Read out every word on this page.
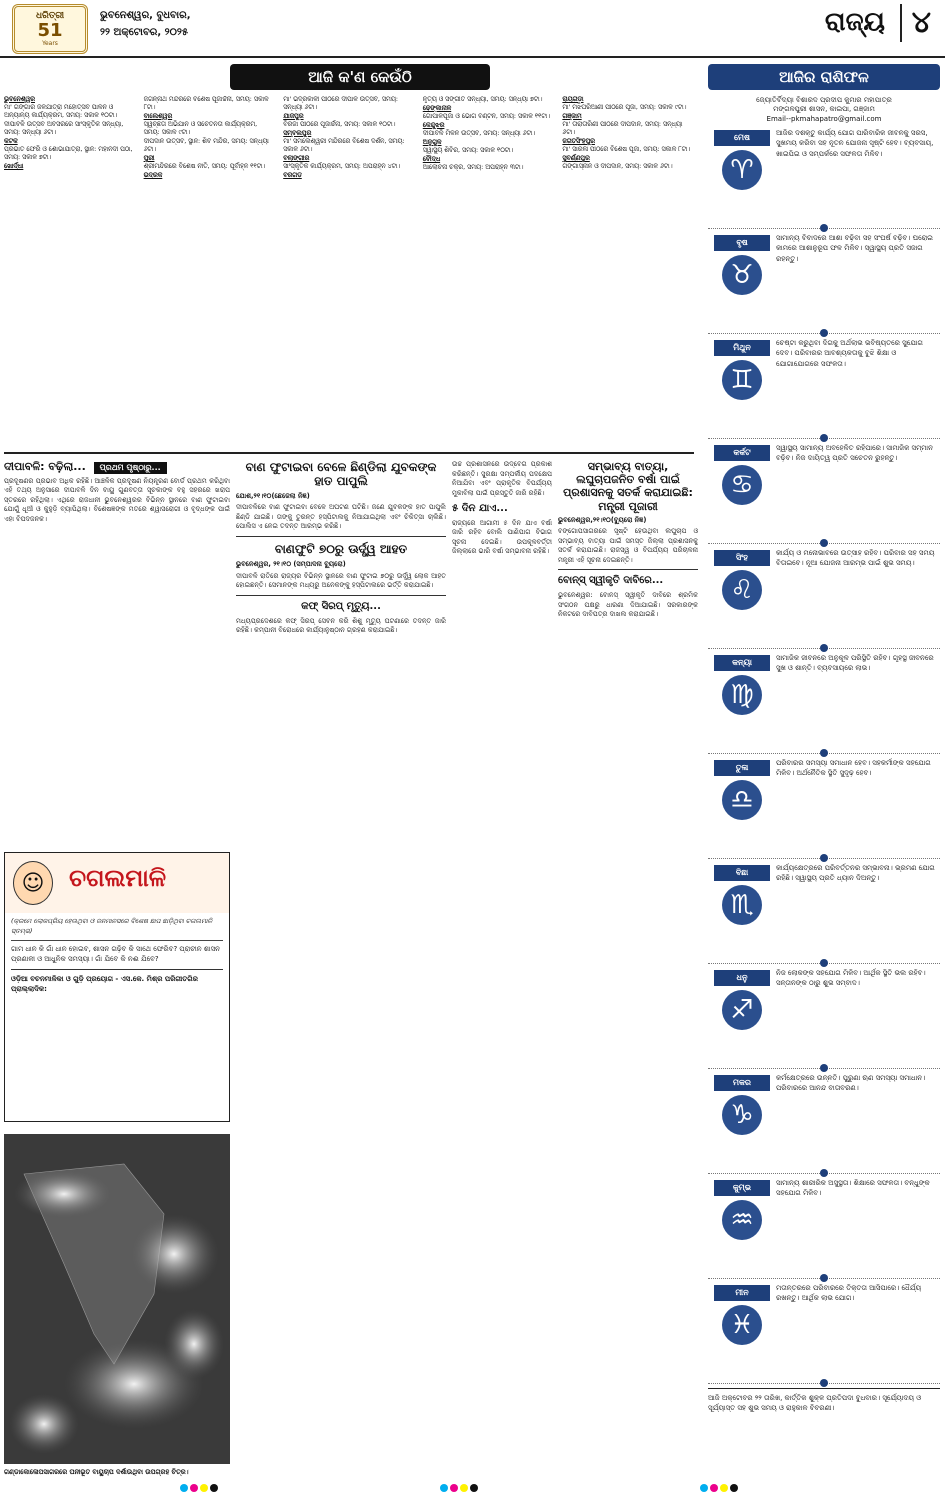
ଧରିତ୍ରୀ
51
Years
ଭୁବନେଶ୍ୱର, ବୁଧବାର,
୨୨ ଅକ୍ଟୋବର, ୨୦୨୫	ରାଜ୍ୟ ୪
ଆଜି କ'ଣ କେଉଁଠି
ଭୁବନେଶ୍ୱର
ମା' ଗଙ୍ଗାର ଜଳଯାତ୍ରା ମହୋତ୍ସବ ପାଳନ ଓ ଅନ୍ୟାନ୍ୟ କାର୍ଯ୍ୟକ୍ରମ, ସମୟ: ସକାଳ ୧୦ଟା।
ଦୀପାବଳି ଉତ୍ସବ ଅବସରରେ ସାଂସ୍କୃତିକ ସନ୍ଧ୍ୟା, ସମୟ: ସନ୍ଧ୍ୟା ୬ଟା।
କଟକ
ପ୍ରଭାତ ଫେରି ଓ ଶୋଭାଯାତ୍ରା, ସ୍ଥାନ: ମହାନଦୀ ପଠା, ସମୟ: ସକାଳ ୭ଟା।
ଖୋର୍ଦ୍ଧା
ଜଗନ୍ନାଥ ମନ୍ଦିରରେ ବିଶେଷ ପୂଜାର୍ଚ୍ଚନା, ସମୟ: ସକାଳ ୮ଟା।
ବାଲେଶ୍ୱର
ସ୍ୱଚ୍ଛତା ଅଭିଯାନ ଓ ସଚେତନତା କାର୍ଯ୍ୟକ୍ରମ, ସମୟ: ସକାଳ ୯ଟା।
ଦୀପଦାନ ଉତ୍ସବ, ସ୍ଥାନ: ଶିବ ମନ୍ଦିର, ସମୟ: ସନ୍ଧ୍ୟା ୬ଟା।
ପୁରୀ
ଶ୍ରୀମନ୍ଦିରରେ ବିଶେଷ ନୀତି, ସମୟ: ପୂର୍ବାହ୍ନ ୧୧ଟା।
ଭଦ୍ରକ
ମା' ଭଦ୍ରକାଳୀ ପୀଠରେ ଦୀପାଳି ଉତ୍ସବ, ସମୟ: ସନ୍ଧ୍ୟା ୬ଟା।
ଯାଜପୁର
ବିରଜା ପୀଠରେ ପୂଜାର୍ଚ୍ଚନା, ସମୟ: ସକାଳ ୧୦ଟା।
ସମ୍ବଲପୁର
ମା' ସମଲେଶ୍ୱରୀ ମନ୍ଦିରରେ ବିଶେଷ ଦର୍ଶନ, ସମୟ: ସକାଳ ୬ଟା।
ବଲାଙ୍ଗୀର
ସାଂସ୍କୃତିକ କାର୍ଯ୍ୟକ୍ରମ, ସମୟ: ଅପରାହ୍ନ ୪ଟା।
ବରଗଡ଼
ନୃତ୍ୟ ଓ ସଙ୍ଗୀତ ସନ୍ଧ୍ୟା, ସମୟ: ସନ୍ଧ୍ୟା ୭ଟା।
ଢେଙ୍କାନାଳ
ଗୋପାଳପୂଜା ଓ ଭୋଗ ବଣ୍ଟନ, ସମୟ: ସକାଳ ୧୧ଟା।
କେନ୍ଦୁଝର
ଦୀପାବଳି ମିଳନ ଉତ୍ସବ, ସମୟ: ସନ୍ଧ୍ୟା ୬ଟା।
ଅନୁଗୁଳ
ସ୍ୱାସ୍ଥ୍ୟ ଶିବିର, ସମୟ: ସକାଳ ୧୦ଟା।
ବୌଦ୍ଧ
ଆଲୋଚନା ଚକ୍ର, ସମୟ: ଅପରାହ୍ନ ୩ଟା।
ରାୟଗଡ଼ା
ମା' ମଝିଘରିଆଣୀ ପୀଠରେ ପୂଜା, ସମୟ: ସକାଳ ୯ଟା।
ଗଞ୍ଜାମ
ମା' ତାରାତାରିଣୀ ପୀଠରେ ଦୀପଦାନ, ସମୟ: ସନ୍ଧ୍ୟା ୬ଟା।
ଜଗତସିଂହପୁର
ମା' ସାରଳା ପୀଠରେ ବିଶେଷ ପୂଜା, ସମୟ: ସକାଳ ୮ଟା।
ସୁବର୍ଣ୍ଣପୁର
ଗଙ୍ଗାସ୍ନାନ ଓ ଦୀପଦାନ, ସମୟ: ସକାଳ ୬ଟା।
ଆଜିର ରାଶିଫଳ
ଜ୍ୟୋତିର୍ବିଦ୍ୟା ବିଶାରଦ ପ୍ରଦୀପ କୁମାର ମହାପାତ୍ର
ମଙ୍ଗଳପୁରୀ ଶାସନ, କାଇପା, ଗଞ୍ଜାମ
Email--pkmahapatro@gmail.com
ମେଷ
♈
ଆଜିର ଦଶକ୍ତୁ କାର୍ଯ୍ୟ ଯୋଗ ପାରିବାରିକ ଜୀବନକୁ ସରସ, ସୁଖମୟ କରିବା ସହ ନୂତନ ଯୋଜନା ସୃଷ୍ଟି ହେବ। ବ୍ୟବସାୟ, ଖାଇପିଇ ଓ ସମ୍ପର୍କରେ ସଫଳତା ମିଳିବ।
ବୃଷ
♉
ସାମାନ୍ୟ ବିବାଦରେ ଆଶା ବଢ଼ିବା ସହ ସଂଘର୍ଷ ବଢ଼ିବ। ଘରୋଇ କାମରେ ଆଶାନୁରୂପ ଫଳ ମିଳିବ। ସ୍ୱାସ୍ଥ୍ୟ ପ୍ରତି ସଜାଗ ରହନ୍ତୁ।
ମିଥୁନ
♊
ଚେଷ୍ଟା କରୁଥିବା ଦିଗକୁ ଅର୍ଥଲାଭ ଭବିଷ୍ୟତରେ ସୁଯୋଗ ଦେବ। ପରିବାରର ଆବଶ୍ୟକତାକୁ ବୁଝି ଶିକ୍ଷା ଓ ଯୋଗାଯୋଗରେ ସଫଳତା।
କର୍କଟ
♋
ସ୍ୱାସ୍ଥ୍ୟ ସାମାନ୍ୟ ଅବହେଳିତ ରହିପାରେ। ସାମାଜିକ ସମ୍ମାନ ବଢ଼ିବ। ନିଜ ଦାୟିତ୍ୱ ପ୍ରତି ସଚେତନ ରୁହନ୍ତୁ।
ସିଂହ
♌
କାର୍ଯ୍ୟ ଓ ମନୋଭାବରେ ଉତ୍ସାହ ରହିବ। ପରିବାର ସହ ସମୟ ବିତାଇବେ। ନୂଆ ଯୋଜନା ଆରମ୍ଭ ପାଇଁ ଶୁଭ ସମୟ।
କନ୍ୟା
♍
ସାମାଜିକ ଜୀବନରେ ଅନୁକୂଳ ପରିସ୍ଥିତି ରହିବ। ଗୃହସ୍ଥ ଜୀବନରେ ସୁଖ ଓ ଶାନ୍ତି। ବ୍ୟବସାୟରେ ଲାଭ।
ତୁଳା
♎
ପରିବାରର ସମସ୍ୟା ସମାଧାନ ହେବ। ସହକର୍ମୀଙ୍କ ସହଯୋଗ ମିଳିବ। ଅର୍ଥନୈତିକ ସ୍ଥିତି ସୁଦୃଢ଼ ହେବ।
ବିଛା
♏
କାର୍ଯ୍ୟକ୍ଷେତ୍ରରେ ପରିବର୍ତ୍ତନର ସମ୍ଭାବନା। ଭ୍ରମଣ ଯୋଗ ରହିଛି। ସ୍ୱାସ୍ଥ୍ୟ ପ୍ରତି ଧ୍ୟାନ ଦିଅନ୍ତୁ।
ଧନୁ
♐
ନିଜ ଲୋକଙ୍କ ସହଯୋଗ ମିଳିବ। ଆର୍ଥିକ ସ୍ଥିତି ଭଲ ରହିବ। ସନ୍ତାନଙ୍କ ଠାରୁ ଶୁଭ ସମ୍ବାଦ।
ମକର
♑
କର୍ମକ୍ଷେତ୍ରରେ ଉନ୍ନତି। ପୁରୁଣା ଋଣ ସମସ୍ୟା ସମାଧାନ। ପରିବାରରେ ଆନନ୍ଦ ବାତାବରଣ।
କୁମ୍ଭ
♒
ସାମାନ୍ୟ ଶାରୀରିକ ଅସୁସ୍ଥତା। ଶିକ୍ଷାରେ ସଫଳତା। ବନ୍ଧୁଙ୍କ ସହଯୋଗ ମିଳିବ।
ମୀନ
♓
ମତାନ୍ତରରେ ପରିବାରରେ ତିକ୍ତତା ଆସିପାରେ। ଧୈର୍ଯ୍ୟ ରଖନ୍ତୁ। ଆର୍ଥିକ ଲାଭ ଯୋଗ।
ଆଜି ଅକ୍ଟୋବର ୨୨ ତାରିଖ, କାର୍ତ୍ତିକ ଶୁକ୍ଳ ପ୍ରତିପଦା ବୁଧବାର। ସୂର୍ଯ୍ୟୋଦୟ ଓ ସୂର୍ଯ୍ୟାସ୍ତ ସହ ଶୁଭ ସମୟ ଓ ରାହୁକାଳ ବିବରଣୀ।
ଦୀପାବଳି: ବଢ଼ିଲା... ପ୍ରଥମ ପୃଷ୍ଠାରୁ...
ପ୍ରଦୂଷଣର ପ୍ରଭାବ ଅଧିକ ରହିଛି। ଆଞ୍ଚଳିକ ପ୍ରଦୂଷଣ ନିୟନ୍ତ୍ରଣ ବୋର୍ଡ ପ୍ରଥମ କରିଥିବା ଏହି ତଥ୍ୟ ଅନୁସାରେ ଦୀପାବଳି ଦିନ ବାୟୁ ଗୁଣବତ୍ତା ସୂଚକାଙ୍କ ବହୁ ସହରରେ ଖରାପ ସ୍ତରରେ ରହିଥିଲା। ଏଥିରେ ରାଜଧାନୀ ଭୁବନେଶ୍ୱରର ବିଭିନ୍ନ ସ୍ଥାନରେ ବାଣ ଫୁଟାଇବା ଯୋଗୁଁ ଧୂଆଁ ଓ କୁହୁଡ଼ି ବ୍ୟାପିଥିଲା। ବିଶେଷଜ୍ଞଙ୍କ ମତରେ ଶ୍ୱାସରୋଗୀ ଓ ବୃଦ୍ଧଙ୍କ ପାଇଁ ଏହା ବିପଦଜନକ।
☺	ଚଗଲମାଳି
(କ୍ରମେ ଲୋକପ୍ରିୟ ହେଉଥିବା ଓ ଜନମାନସରେ ବିଶେଷ ଛାପ ଛାଡ଼ିଥିବା ଚଗଲମାଳି ସ୍ତମ୍ଭ)
ଗାମ ଧାନ କି ଗାଁ ଧାନ ହୋଇବ, ଶାସନ ଗଢ଼ିବ କି ସାଥେ ଫେରିବ? ପ୍ରାଚୀନ ଶାସନ ପ୍ରଣାଳୀ ଓ ଆଧୁନିକ ସମସ୍ୟା। ଗାଁ ଯିବେ କି ନଈ ଯିବେ?
ଓଡ଼ିଆ ବଚନମାଳିକା ଓ ଗୁଡ଼ି ପ୍ରୟୋଗ - ଏସ.କେ. ମିଶ୍ର ପରିଗୀତଗିର ପ୍ରାଲ୍ଲାଦିକ:
ଗଣ୍ଡାକୋଳୋପସାଗରରେ ଘନୀଭୂତ ବାୟୁଚାପ ଦର୍ଶାଉଥିବା ଉପଗ୍ରହ ଚିତ୍ର।
ବାଣ ଫୁଟାଇବା ବେଳେ ଛିଣ୍ଡିଲା ଯୁବକଙ୍କ ହାତ ପାପୁଲି
ଯୋଶ,୨୧।୧୦(ଛେଜେଲା ନିଜ୍ଞ)
ଦୀପାବଳିରେ ବାଣ ଫୁଟାଇବା ବେଳେ ଅଘଟଣ ଘଟିଛି। ଜଣେ ଯୁବକଙ୍କ ହାତ ପାପୁଲି ଛିଣ୍ଡି ଯାଇଛି। ତାଙ୍କୁ ତୁରନ୍ତ ହସ୍ପିଟାଲକୁ ନିଆଯାଇଥିଲା ଏବଂ ଚିକିତ୍ସା ଚାଲିଛି। ପୋଲିସ ଏ ନେଇ ତଦନ୍ତ ଆରମ୍ଭ କରିଛି।
ବାଣଫୁଟି ୭୦ରୁ ଊର୍ଦ୍ଧ୍ୱ ଆହତ
ଭୁବନେଶ୍ୱର, ୨୧।୧୦ (ସମ୍ପାଦନା ବ୍ୟୁରୋ)
ଦୀପାବଳି ରାତିରେ ରାଜ୍ୟର ବିଭିନ୍ନ ସ୍ଥାନରେ ବାଣ ଫୁଟାଇ ୭୦ରୁ ଊର୍ଦ୍ଧ୍ୱ ଲୋକ ଆହତ ହୋଇଛନ୍ତି। ସେମାନଙ୍କ ମଧ୍ୟରୁ ଅନେକଙ୍କୁ ହସ୍ପିଟାଲରେ ଭର୍ତ୍ତି କରାଯାଇଛି।
କଫ୍ ସିରପ୍ ମୃତ୍ୟୁ...
ମଧ୍ୟପ୍ରଦେଶରେ କଫ୍ ସିରପ୍ ସେବନ କରି ଶିଶୁ ମୃତ୍ୟୁ ଘଟଣାରେ ତଦନ୍ତ ଜାରି ରହିଛି। କମ୍ପାନୀ ବିରୋଧରେ କାର୍ଯ୍ୟାନୁଷ୍ଠାନ ଗ୍ରହଣ କରାଯାଇଛି।
ଉଚ୍ଚ ପ୍ରଶାସନରେ ଉଦ୍‌ବେଗ ପ୍ରକାଶ କରିଛନ୍ତି। ସୁରକ୍ଷା ସମ୍ପର୍କୀୟ ପଦକ୍ଷେପ ନିଆଯିବା ଏବଂ ପ୍ରାକୃତିକ ବିପର୍ଯ୍ୟୟ ମୁକାବିଲା ପାଇଁ ପ୍ରସ୍ତୁତି ଜାରି ରହିଛି।
୫ ଦିନ ଯାଏ...
ରାଜ୍ୟରେ ଆଗାମୀ ୫ ଦିନ ଯାଏ ବର୍ଷା ଜାରି ରହିବ ବୋଲି ପାଣିପାଗ ବିଭାଗ ସୂଚନା ଦେଇଛି। ଉପକୂଳବର୍ତ୍ତୀ ଜିଲ୍ଲାରେ ଭାରି ବର୍ଷା ସମ୍ଭାବନା ରହିଛି।
ସମ୍ଭାବ୍ୟ ବାତ୍ୟା, ଲଘୁଚାପଜନିତ ବର୍ଷା ପାଇଁ ପ୍ରଶାସନକୁ ସତର୍କ କରାଯାଇଛି: ମନ୍ତ୍ରୀ ପୂଜାରୀ
ଭୁବନେଶ୍ୱର,୨୧।୧୦(ବ୍ୟୁରୋ ନିଜ୍ଞ)
ବଙ୍ଗୋପସାଗରରେ ସୃଷ୍ଟି ହେଉଥିବା ଲଘୁଚାପ ଓ ସମ୍ଭାବ୍ୟ ବାତ୍ୟା ପାଇଁ ସମସ୍ତ ଜିଲ୍ଲା ପ୍ରଶାସନକୁ ସତର୍କ କରାଯାଇଛି। ରାଜସ୍ୱ ଓ ବିପର୍ଯ୍ୟୟ ପରିଚାଳନା ମନ୍ତ୍ରୀ ଏହି ସୂଚନା ଦେଇଛନ୍ତି।
ବୋନ୍ସ୍ ସ୍ୱୀକୃତି ଦାବିରେ...
ଭୁବନେଶ୍ୱର: ବୋନସ୍ ସ୍ୱୀକୃତି ଦାବିରେ ଶ୍ରମିକ ସଂଗଠନ ପକ୍ଷରୁ ଧାରଣା ଦିଆଯାଇଛି। ସରକାରଙ୍କ ନିକଟରେ ଦାବିପତ୍ର ଦାଖଲ କରାଯାଇଛି।
